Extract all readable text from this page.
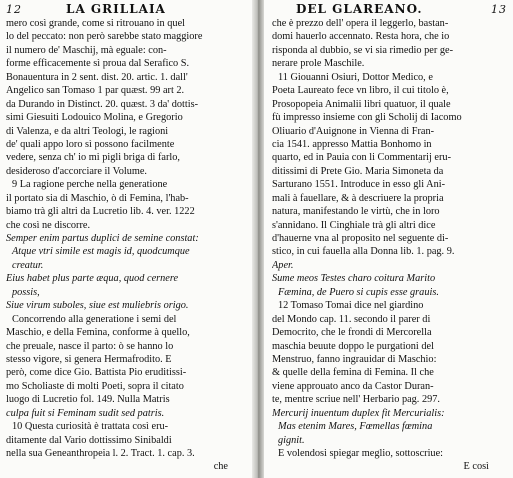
12	LA GRILLAIA
mero così grande, come si ritrouano in quel
lo del peccato: non però sarebbe stato maggiore
il numero de' Maschij, mà eguale: con-
forme efficacemente sì proua dal Serafico S.
Bonauentura in 2 sent. dist. 20. artic. 1. dall'
Angelico san Tomaso 1 par quæst. 99 art 2.
da Durando in Distinct. 20. quæst. 3 da' dottis-
simi Giesuiti Lodouico Molina, e Gregorio
di Valenza, e da altri Teologi, le ragioni
de' quali appo loro sì possono facilmente
vedere, senza ch' io mi pigli briga di farlo,
desideroso d'accorciare il Volume.
9 La ragione perche nella generatione
il portato sia di Maschio, ò di Femina, l'hab-
biamo trà gli altri da Lucretio lib. 4. ver. 1222
che così ne discorre.
Semper enim partus duplici de semine constat:
Atque vtri simile est magis id, quodcumque
creatur.
Eius habet plus parte æqua, quod cernere
possis,
Siue virum suboles, siue est muliebris origo.
Concorrendo alla generatione i semi del
Maschio, e della Femina, conforme à quello,
che preuale, nasce il parto: ò se hanno lo
stesso vigore, si genera Hermafrodito. E
però, come dice Gio. Battista Pio eruditissi-
mo Scholiaste di molti Poeti, sopra il citato
luogo di Lucretio fol. 149. Nulla Matris
culpa fuit si Feminam sudit sed patris.
10 Questa curiosità è trattata così eru-
ditamente dal Vario dottissimo Sinibaldi
nella sua Geneanthropeia l. 2. Tract. 1. cap. 3.
che
DEL GLAREANO.	13
che è prezzo dell' opera il leggerlo, bastan-
domi hauerlo accennato. Resta hora, che io
risponda al dubbio, se vi sia rimedio per ge-
nerare prole Maschile.
11 Giouanni Osiuri, Dottor Medico, e
Poeta Laureato fece vn libro, il cui titolo è,
Prosopopeia Animalii libri quatuor, il quale
fù impresso insieme con gli Scholij di Iacomo
Oliuario d'Auignone in Vienna di Fran-
cia 1541. appresso Mattia Bonhomo in
quarto, ed in Pauia con li Commentarij eru-
ditissimi di Prete Gio. Maria Simoneta da
Sarturano 1551. Introduce in esso gli Ani-
mali à fauellare, & à descriuere la propria
natura, manifestando le virtù, che in loro
s'annidano. Il Cinghiale trà gli altri dice
d'hauerne vna al proposito nel seguente di-
stico, in cui fauella alla Donna lib. 1. pag. 9.
Aper.
Sume meos Testes charo coitura Marito
Fæmina, de Puero si cupis esse grauis.
12 Tomaso Tomai dice nel giardino
del Mondo cap. 11. secondo il parer di
Democrito, che le frondi di Mercorella
maschia beuute doppo le purgationi del
Menstruo, fanno ingrauidar di Maschio:
& quelle della femina di Femina. Il che
viene approuato anco da Castor Duran-
te, mentre scriue nell' Herbario pag. 297.
Mercurij inuentum duplex fit Mercurialis:
Mas etenim Mares, Fœmellas fœmina
gignit.
E volendosi spiegar meglio, sottoscriue:
E così
